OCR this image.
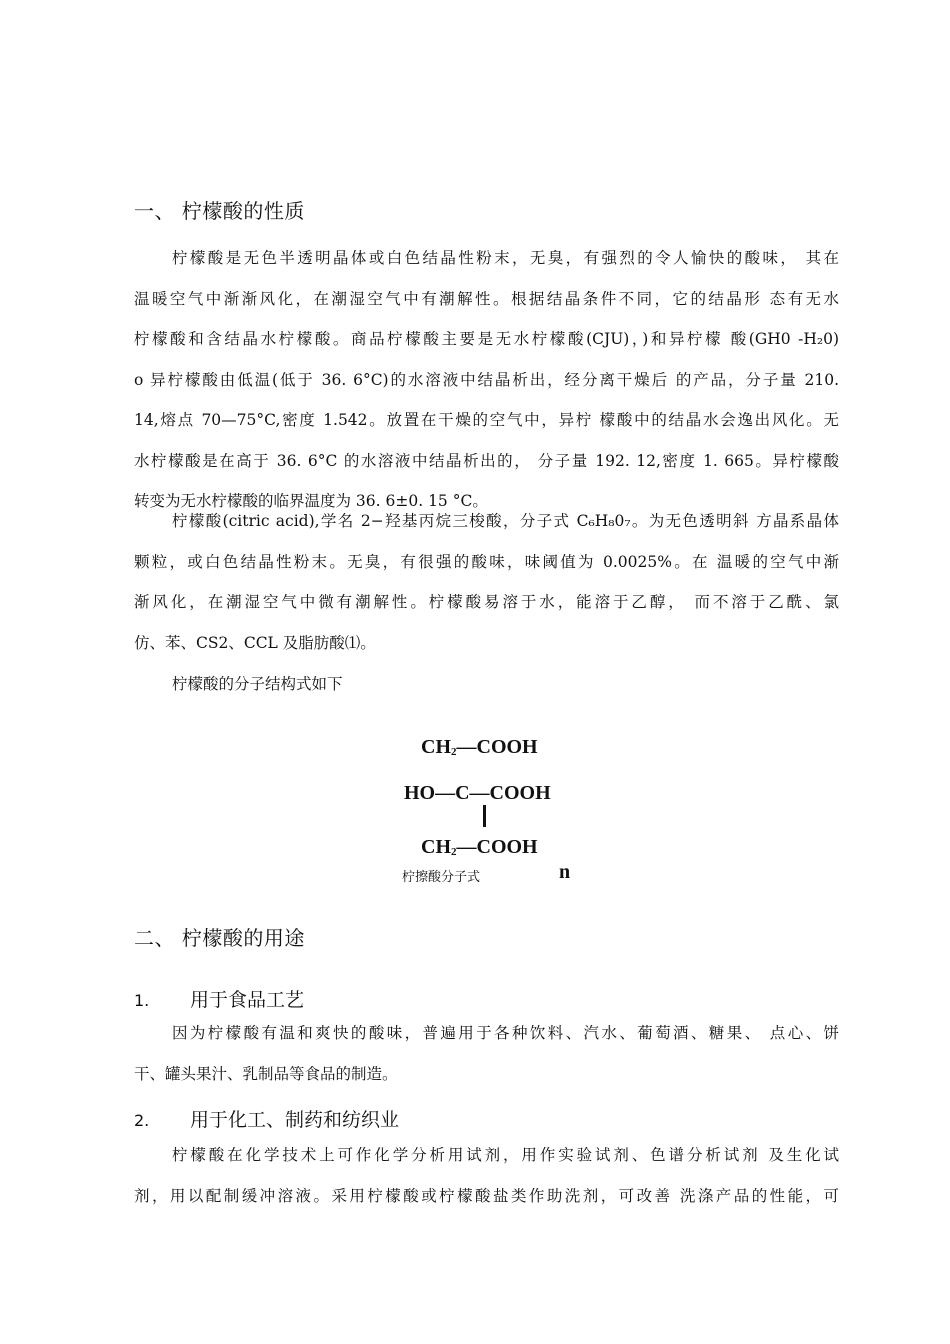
一、 柠檬酸的性质
柠檬酸是无色半透明晶体或白色结晶性粉末，无臭，有强烈的令人愉快的酸味， 其在
温暖空气中渐渐风化，在潮湿空气中有潮解性。根据结晶条件不同，它的结晶形 态有无水
柠檬酸和含结晶水柠檬酸。商品柠檬酸主要是无水柠檬酸(CJU)，)和异柠檬 酸(GH0 -H₂0)
o 异柠檬酸由低温(低于 36. 6°C)的水溶液中结晶析出，经分离干燥后 的产品，分子量 210.
14,熔点 70—75°C,密度 1.542。放置在干燥的空气中，异柠 檬酸中的结晶水会逸出风化。无
水柠檬酸是在高于 36. 6°C 的水溶液中结晶析出的， 分子量 192. 12,密度 1. 665。异柠檬酸
转变为无水柠檬酸的临界温度为 36. 6±0. 15 °C。
柠檬酸(citric acid),学名 2−羟基丙烷三梭酸，分子式 C₆H₈0₇。为无色透明斜 方晶系晶体
颗粒，或白色结晶性粉末。无臭，有很强的酸味，味阈值为 0.0025%。在 温暖的空气中渐
渐风化，在潮湿空气中微有潮解性。柠檬酸易溶于水，能溶于乙醇， 而不溶于乙酰、氯
仿、苯、CS2、CCL 及脂肪酸⑴。
柠檬酸的分子结构式如下
$CH_2—COOH$
HO—C—COOH
$CH_2—COOH$
柠擦酸分子式	n
二、 柠檬酸的用途
1. 用于食品工艺
因为柠檬酸有温和爽快的酸味，普遍用于各种饮料、汽水、葡萄酒、糖果、 点心、饼
干、罐头果汁、乳制品等食品的制造。
2. 用于化工、制药和纺织业
柠檬酸在化学技术上可作化学分析用试剂，用作实验试剂、色谱分析试剂 及生化试
剂，用以配制缓冲溶液。采用柠檬酸或柠檬酸盐类作助洗剂，可改善 洗涤产品的性能，可
